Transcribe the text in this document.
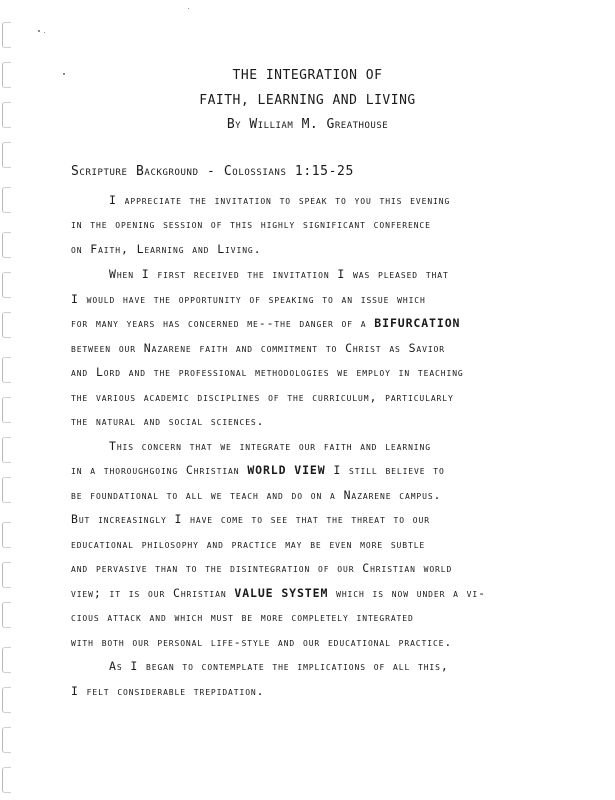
THE INTEGRATION OF
FAITH, LEARNING AND LIVING
By William M. Greathouse
Scripture Background - Colossians 1:15-25
I appreciate the invitation to speak to you this evening
in the opening session of this highly significant conference
on Faith, Learning and Living.
When I first received the invitation I was pleased that
I would have the opportunity of speaking to an issue which
for many years has concerned me--the danger of a BIFURCATION
between our Nazarene faith and commitment to Christ as Savior
and Lord and the professional methodologies we employ in teaching
the various academic disciplines of the curriculum, particularly
the natural and social sciences.
This concern that we integrate our faith and learning
in a thoroughgoing Christian WORLD VIEW I still believe to
be foundational to all we teach and do on a Nazarene campus.
But increasingly I have come to see that the threat to our
educational philosophy and practice may be even more subtle
and pervasive than to the disintegration of our Christian world
view; it is our Christian VALUE SYSTEM which is now under a vi-
cious attack and which must be more completely integrated
with both our personal life-style and our educational practice.
As I began to contemplate the implications of all this,
I felt considerable trepidation.
